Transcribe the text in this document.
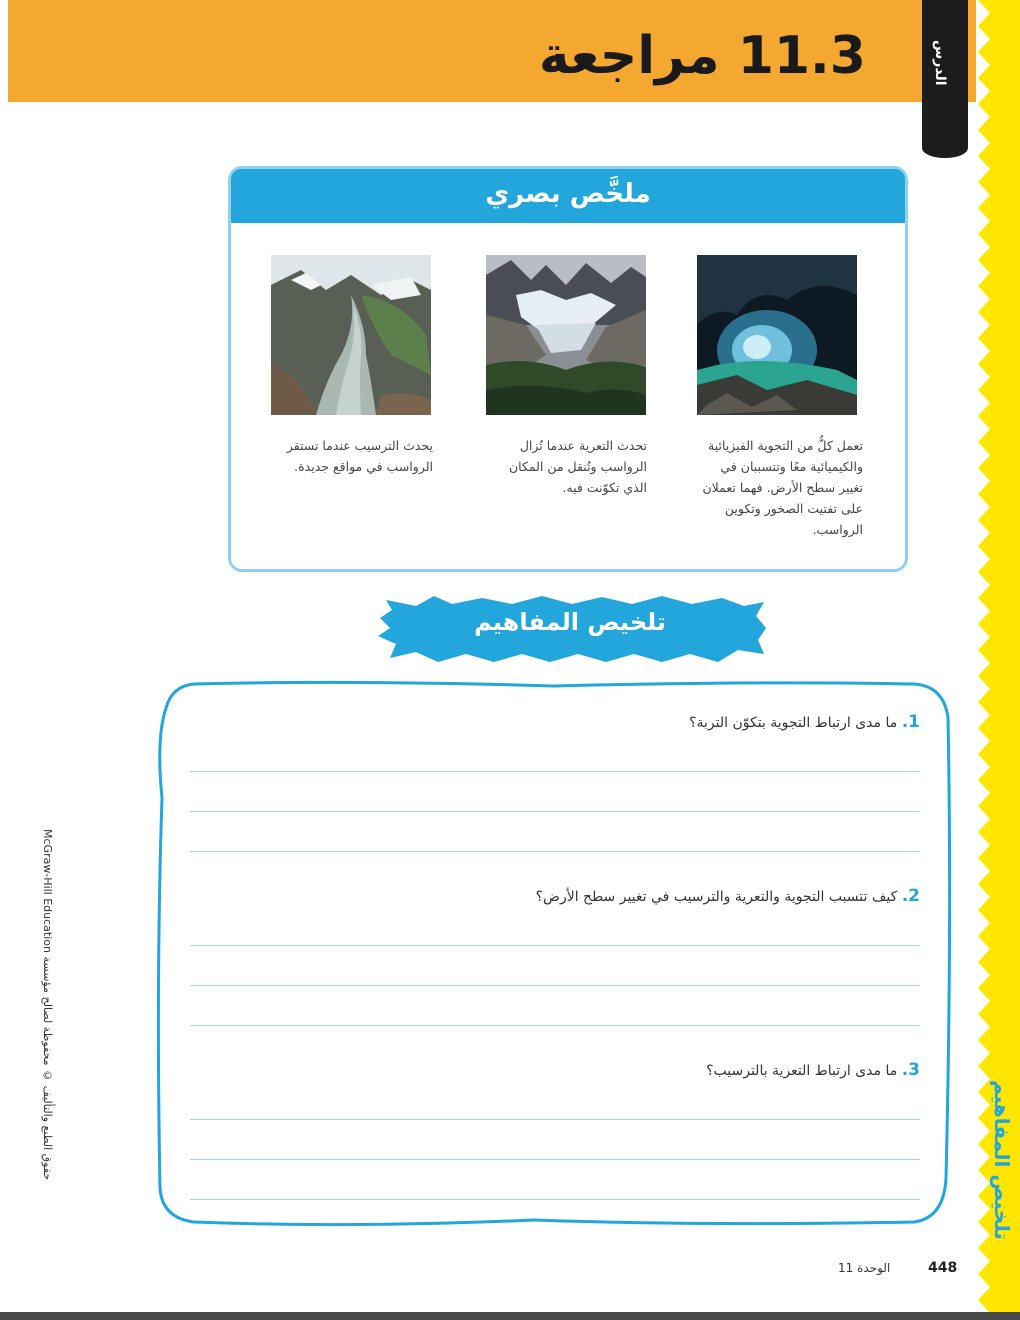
11.3 مراجعة	الدرس
تلخيص المفاهيم
حقوق الطبع والتأليف © محفوظة لصالح مؤسسة McGraw-Hill Education
ملخَّص بصري
تعمل كلٌّ من التجوية الفيزيائية والكيميائية معًا وتتسببان في تغيير سطح الأرض. فهما تعملان على تفتيت الصخور وتكوين الرواسب.
تحدث التعرية عندما تُزال الرواسب وتُنقل من المكان الذي تكوّنت فيه.
يحدث الترسيب عندما تستقر الرواسب في مواقع جديدة.
تلخيص المفاهيم
1. ما مدى ارتباط التجوية بتكوّن التربة؟
2. كيف تتسبب التجوية والتعرية والترسيب في تغيير سطح الأرض؟
3. ما مدى ارتباط التعرية بالترسيب؟
الوحدة 11	448
